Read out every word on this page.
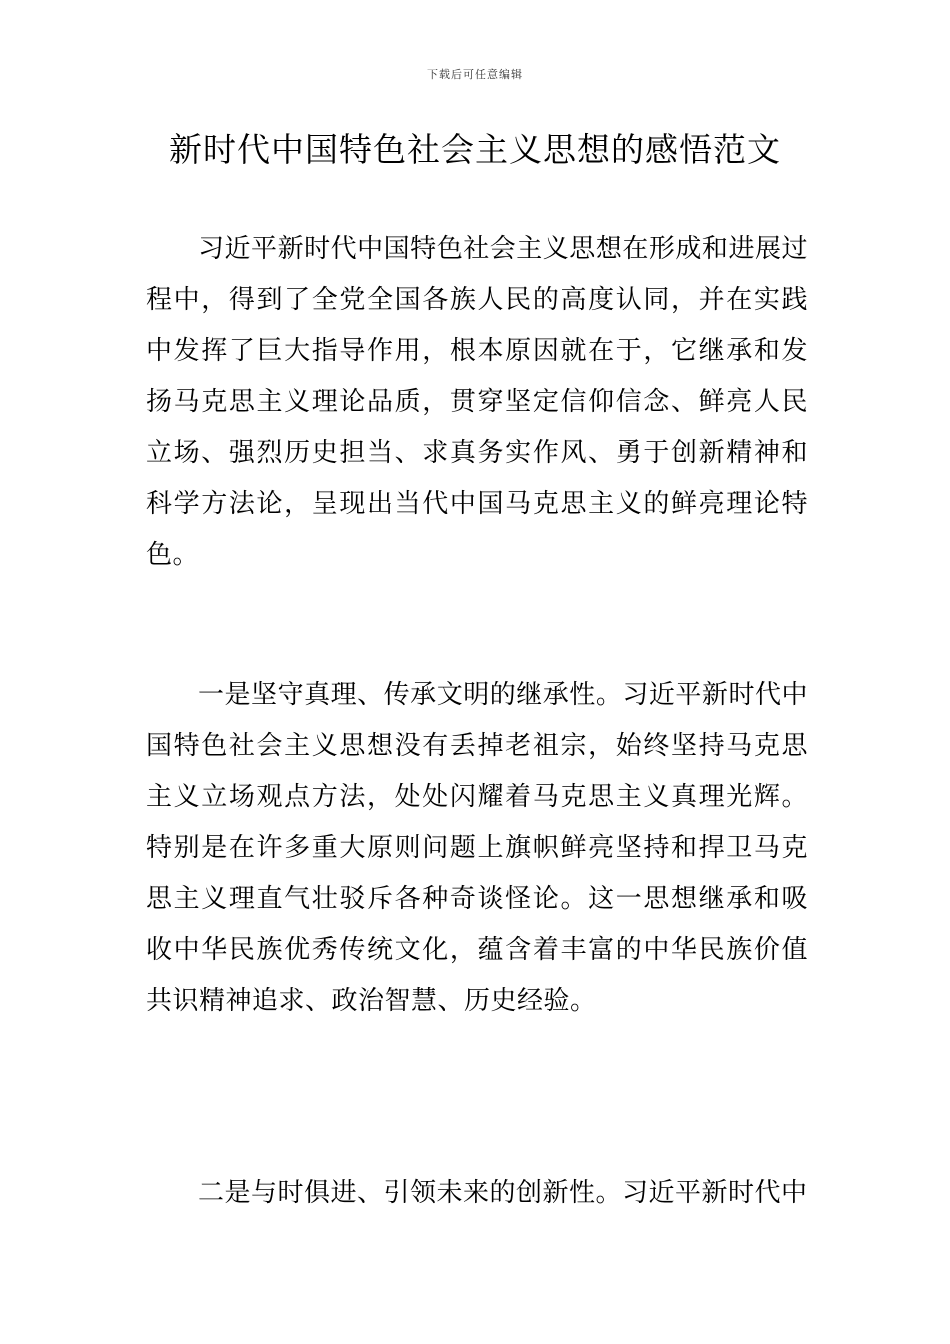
下载后可任意编辑
新时代中国特色社会主义思想的感悟范文

习近平新时代中国特色社会主义思想在形成和进展过程中，得到了全党全国各族人民的高度认同，并在实践中发挥了巨大指导作用，根本原因就在于，它继承和发扬马克思主义理论品质，贯穿坚定信仰信念、鲜亮人民立场、强烈历史担当、求真务实作风、勇于创新精神和科学方法论，呈现出当代中国马克思主义的鲜亮理论特色。

一是坚守真理、传承文明的继承性。习近平新时代中国特色社会主义思想没有丢掉老祖宗，始终坚持马克思主义立场观点方法，处处闪耀着马克思主义真理光辉。特别是在许多重大原则问题上旗帜鲜亮坚持和捍卫马克思主义理直气壮驳斥各种奇谈怪论。这一思想继承和吸收中华民族优秀传统文化，蕴含着丰富的中华民族价值共识精神追求、政治智慧、历史经验。

二是与时俱进、引领未来的创新性。习近平新时代中
